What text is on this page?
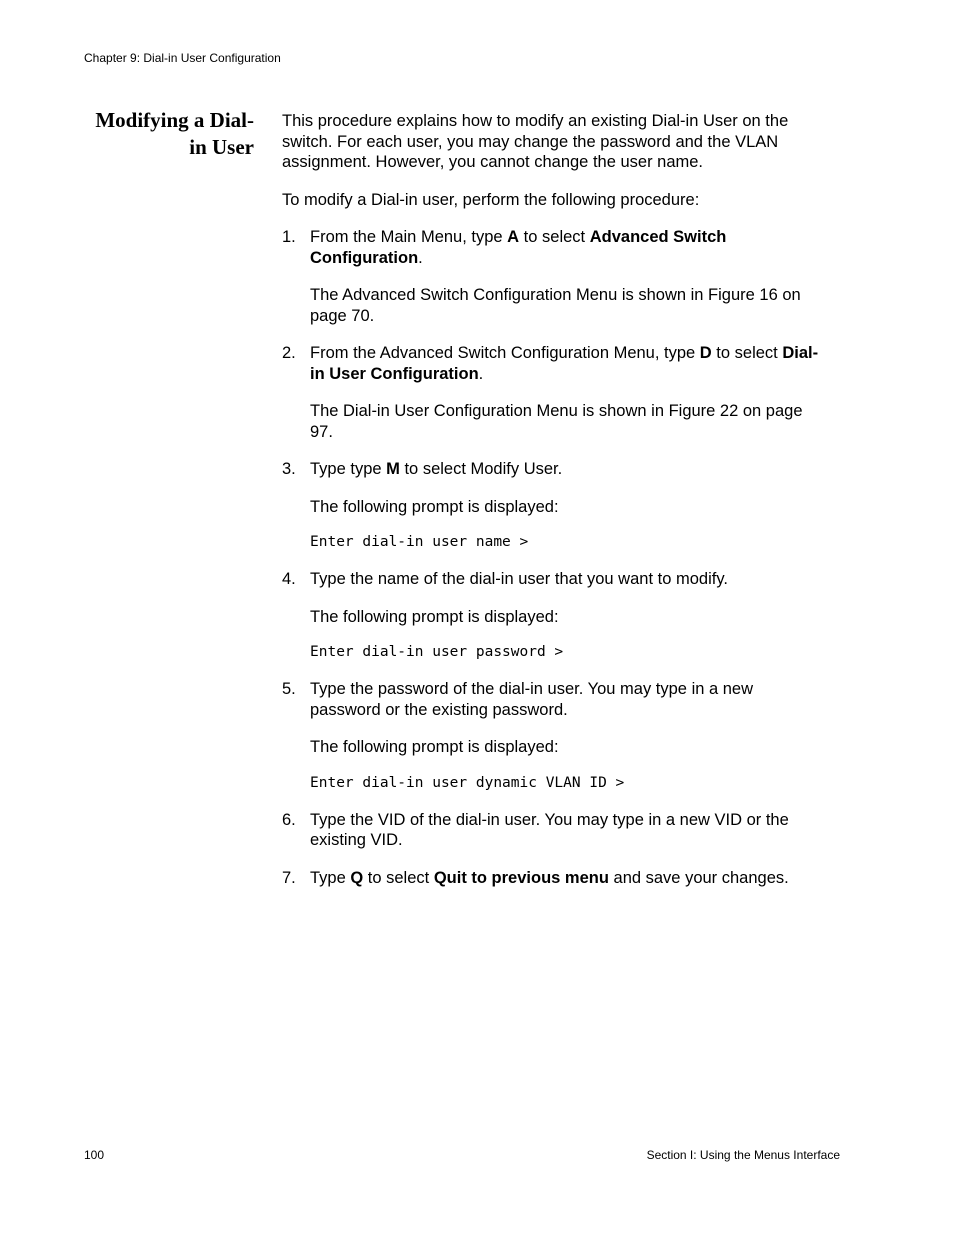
Chapter 9: Dial-in User Configuration
Modifying a Dial-
in User

This procedure explains how to modify an existing Dial-in User on the switch. For each user, you may change the password and the VLAN assignment. However, you cannot change the user name.

To modify a Dial-in user, perform the following procedure:

1. From the Main Menu, type A to select Advanced Switch Configuration.
The Advanced Switch Configuration Menu is shown in Figure 16 on page 70.
2. From the Advanced Switch Configuration Menu, type D to select Dial-in User Configuration.
The Dial-in User Configuration Menu is shown in Figure 22 on page 97.
3. Type type M to select Modify User.
The following prompt is displayed:
Enter dial-in user name >
4. Type the name of the dial-in user that you want to modify.
The following prompt is displayed:
Enter dial-in user password >
5. Type the password of the dial-in user. You may type in a new password or the existing password.
The following prompt is displayed:
Enter dial-in user dynamic VLAN ID >
6. Type the VID of the dial-in user. You may type in a new VID or the existing VID.
7. Type Q to select Quit to previous menu and save your changes.
100	Section I: Using the Menus Interface
